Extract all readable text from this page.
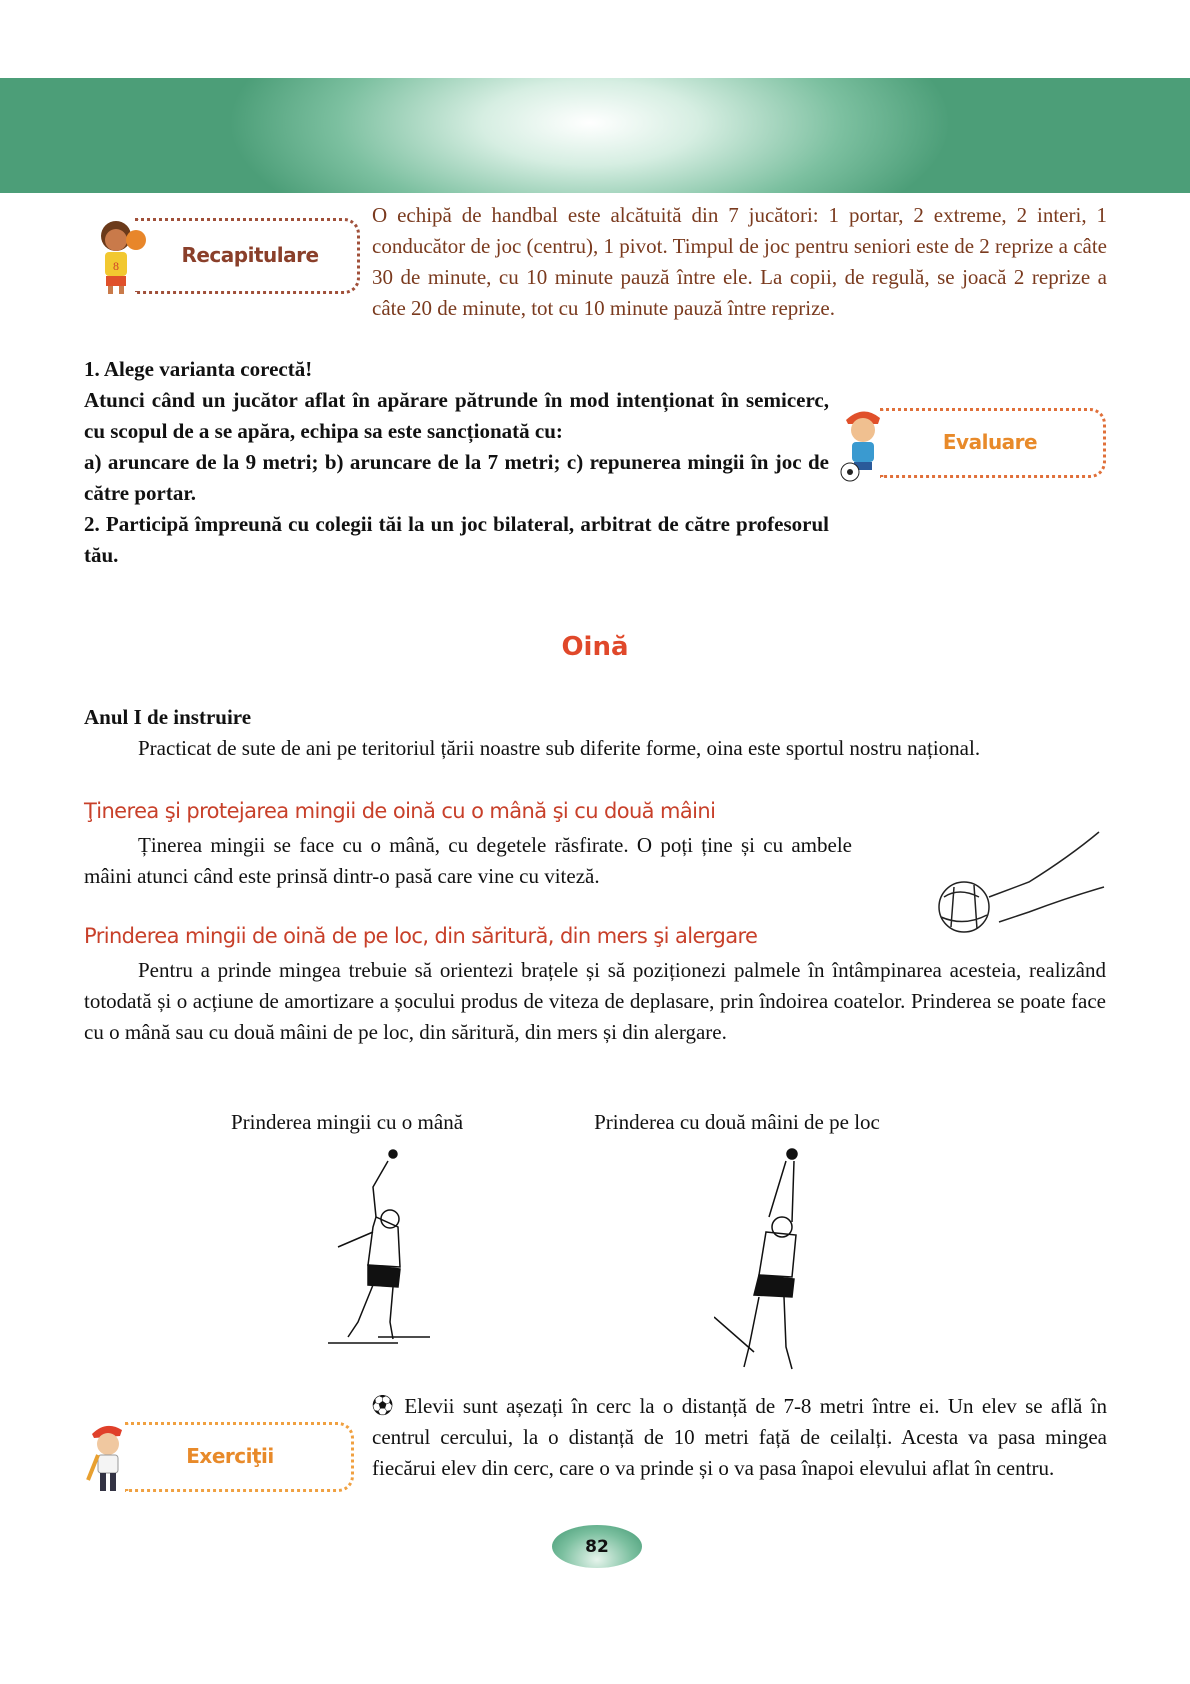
8	Recapitulare
O echipă de handbal este alcătuită din 7 jucători: 1 portar, 2 extreme, 2 interi, 1 conducător de joc (centru), 1 pivot. Timpul de joc pentru seniori este de 2 reprize a câte 30 de minute, cu 10 minute pauză între ele. La copii, de regulă, se joacă 2 reprize a câte 20 de minute, tot cu 10 minute pauză între reprize.
1. Alege varianta corectă!
Atunci când un jucător aflat în apărare pătrunde în mod intenționat în semicerc, cu scopul de a se apăra, echipa sa este sancționată cu:
a) aruncare de la 9 metri; b) aruncare de la 7 metri; c) repunerea mingii în joc de către portar.
2. Participă împreună cu colegii tăi la un joc bilateral, arbitrat de către profesorul tău.
Evaluare
Oină
Anul I de instruire
Practicat de sute de ani pe teritoriul țării noastre sub diferite forme, oina este sportul nostru național.
Ţinerea şi protejarea mingii de oină cu o mână şi cu două mâini
Ținerea mingii se face cu o mână, cu degetele răsfirate. O poți ține și cu ambele mâini atunci când este prinsă dintr-o pasă care vine cu viteză.
Prinderea mingii de oină de pe loc, din săritură, din mers şi alergare
Pentru a prinde mingea trebuie să orientezi brațele și să poziționezi palmele în întâmpinarea acesteia, realizând totodată și o acțiune de amortizare a șocului produs de viteza de deplasare, prin îndoirea coatelor. Prinderea se poate face cu o mână sau cu două mâini de pe loc, din săritură, din mers și din alergare.
Prinderea mingii cu o mână	Prinderea cu două mâini de pe loc
Exerciţii
⚽︎ Elevii sunt așezați în cerc la o distanță de 7-8 metri între ei. Un elev se află în centrul cercului, la o distanță de 10 metri față de ceilalți. Acesta va pasa mingea fiecărui elev din cerc, care o va prinde și o va pasa înapoi elevului aflat în centru.
82
